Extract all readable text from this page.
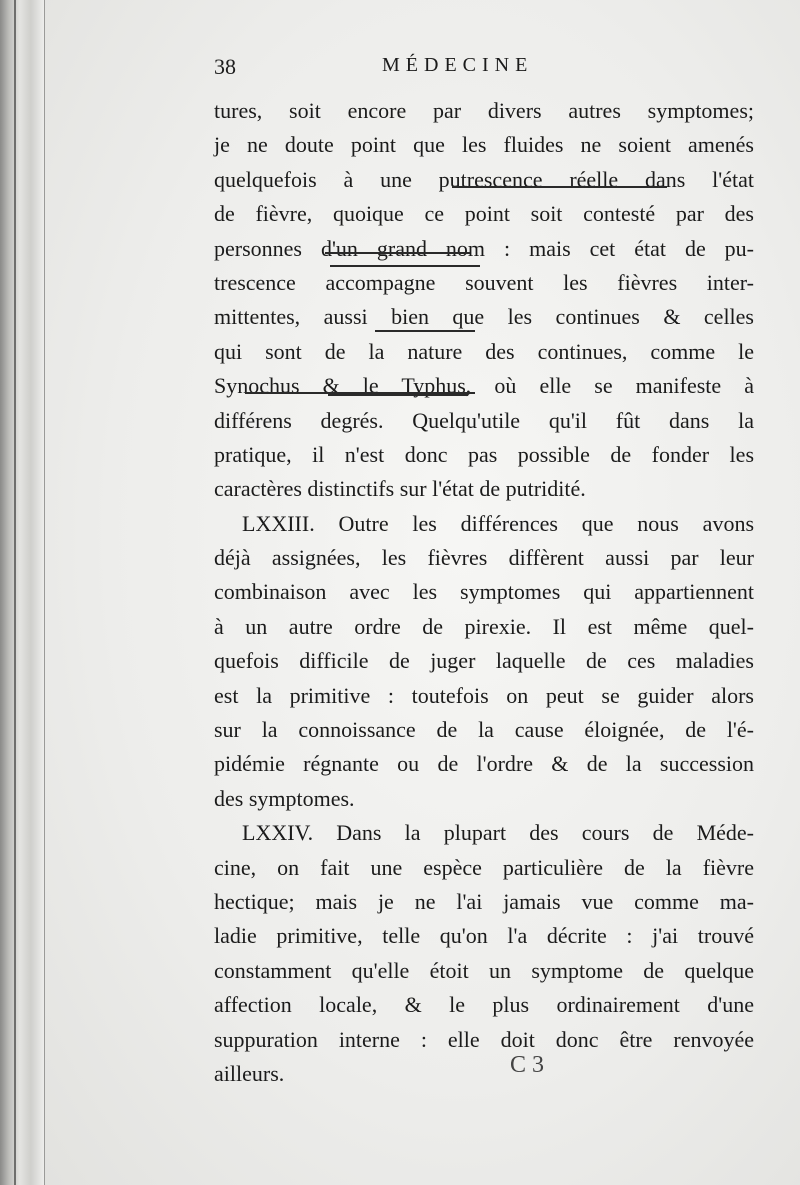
38	MÉDECINE
tures, soit encore par divers autres symptomes;
je ne doute point que les fluides ne soient amenés
quelquefois à une putrescence réelle dans l'état
de fièvre, quoique ce point soit contesté par des
personnes d'un grand nom : mais cet état de pu-
trescence accompagne souvent les fièvres inter-
mittentes, aussi bien que les continues & celles
qui sont de la nature des continues, comme le
Synochus & le Typhus, où elle se manifeste à
différens degrés. Quelqu'utile qu'il fût dans la
pratique, il n'est donc pas possible de fonder les
caractères distinctifs sur l'état de putridité.
LXXIII. Outre les différences que nous avons
déjà assignées, les fièvres diffèrent aussi par leur
combinaison avec les symptomes qui appartiennent
à un autre ordre de pirexie. Il est même quel-
quefois difficile de juger laquelle de ces maladies
est la primitive : toutefois on peut se guider alors
sur la connoissance de la cause éloignée, de l'é-
pidémie régnante ou de l'ordre & de la succession
des symptomes.
LXXIV. Dans la plupart des cours de Méde-
cine, on fait une espèce particulière de la fièvre
hectique; mais je ne l'ai jamais vue comme ma-
ladie primitive, telle qu'on l'a décrite : j'ai trouvé
constamment qu'elle étoit un symptome de quelque
affection locale, & le plus ordinairement d'une
suppuration interne : elle doit donc être renvoyée
ailleurs.	C 3
